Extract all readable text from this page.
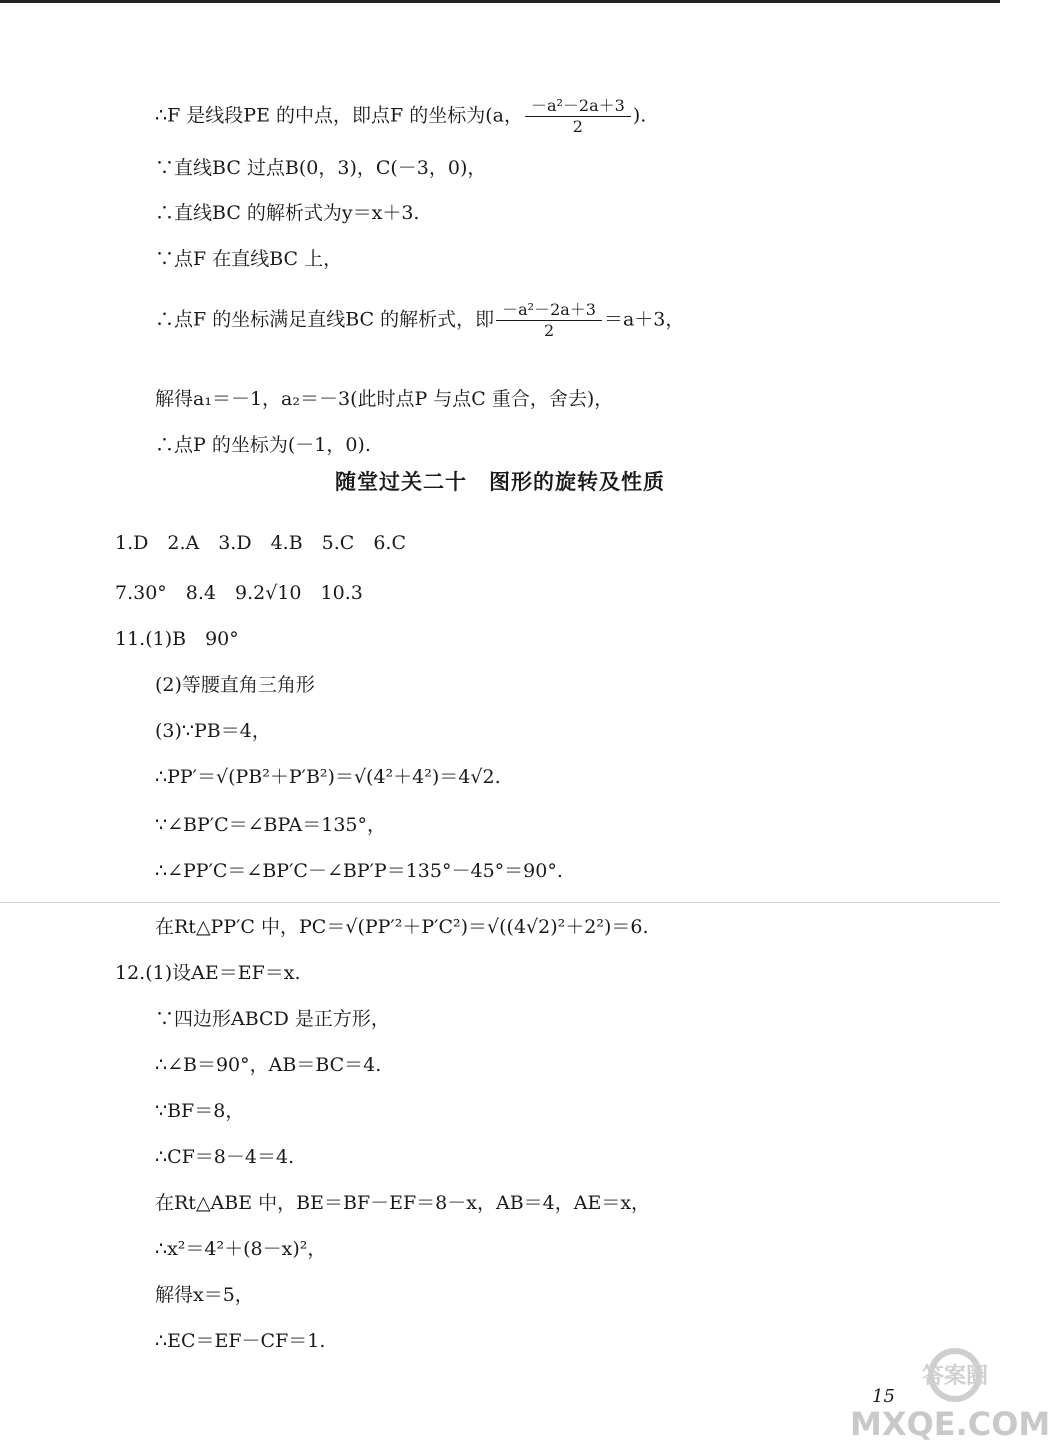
∴F 是线段PE 的中点，即点F 的坐标为(a， $\frac{\text{－a²－2a＋3}}{2}$ ).
∵直线BC 过点B(0，3)，C(－3，0)，
∴直线BC 的解析式为y＝x＋3.
∵点F 在直线BC 上，
∴点F 的坐标满足直线BC 的解析式，即 $\frac{\text{－a²－2a＋3}}{2} =a+3$，
解得a₁＝－1，a₂＝－3(此时点P 与点C 重合，舍去)，
∴点P 的坐标为(－1，0).
随堂过关二十　图形的旋转及性质
1.D　2.A　3.D　4.B　5.C　6.C
7.30°　8.4　9.2√10　10.3
11.(1)B　90°
(2)等腰直角三角形
(3)∵PB＝4，
∴PP′＝√(PB²＋P′B²)＝√(4²＋4²)＝4√2.
∵∠BP′C＝∠BPA＝135°，
∴∠PP′C＝∠BP′C－∠BP′P＝135°－45°＝90°.
在Rt△PP′C 中，PC＝√(PP′²＋P′C²)＝√((4√2)²＋2²)＝6.
12.(1)设AE＝EF＝x.
∵四边形ABCD 是正方形，
∴∠B＝90°，AB＝BC＝4.
∵BF＝8，
∴CF＝8－4＝4.
在Rt△ABE 中，BE＝BF－EF＝8－x，AB＝4，AE＝x，
∴x²＝4²＋(8－x)²，
解得x＝5，
∴EC＝EF－CF＝1.
15
答案圈
MXQE.COM
